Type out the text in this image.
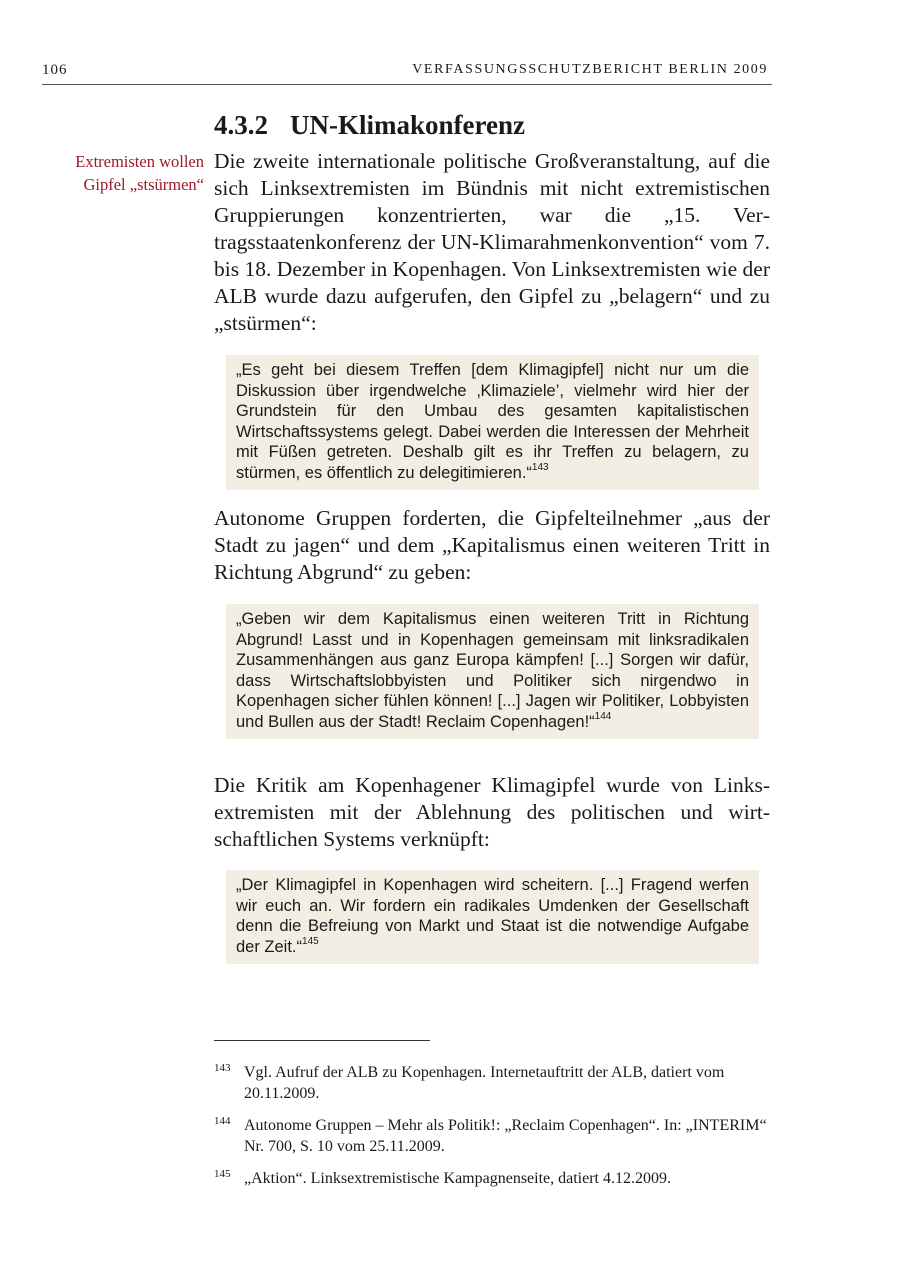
106	VERFASSUNGSSCHUTZBERICHT BERLIN 2009
4.3.2 UN-Klimakonferenz
Extremisten wollen
Gipfel „stsürmen“

Die zweite internationale politische Großveranstaltung, auf die sich Linksextremisten im Bündnis mit nicht extremistischen Gruppierungen konzentrierten, war die „15. Vertragsstaatenkonferenz der UN-Klimarahmenkonvention“ vom 7. bis 18. Dezember in Kopenhagen. Von Linksextremisten wie der ALB wurde dazu aufgerufen, den Gipfel zu „belagern“ und zu „stsürmen“:

„Es geht bei diesem Treffen [dem Klimagipfel] nicht nur um die Diskussion über irgendwelche ‚Klimaziele’, vielmehr wird hier der Grundstein für den Umbau des gesamten kapitalistischen Wirtschaftssystems gelegt. Dabei werden die Interessen der Mehrheit mit Füßen getreten. Deshalb gilt es ihr Treffen zu belagern, zu stürmen, es öffentlich zu delegitimieren.“$^{143}$

Autonome Gruppen forderten, die Gipfelteilnehmer „aus der Stadt zu jagen“ und dem „Kapitalismus einen weiteren Tritt in Richtung Abgrund“ zu geben:

„Geben wir dem Kapitalismus einen weiteren Tritt in Richtung Abgrund! Lasst und in Kopenhagen gemeinsam mit linksradikalen Zusammenhängen aus ganz Europa kämpfen! [...] Sorgen wir dafür, dass Wirtschaftslobbyisten und Politiker sich nirgendwo in Kopenhagen sicher fühlen können! [...] Jagen wir Politiker, Lobbyisten und Bullen aus der Stadt! Reclaim Copenhagen!“$^{144}$

Die Kritik am Kopenhagener Klimagipfel wurde von Linksextremisten mit der Ablehnung des politischen und wirtschaftlichen Systems verknüpft:

„Der Klimagipfel in Kopenhagen wird scheitern. [...] Fragend werfen wir euch an. Wir fordern ein radikales Umdenken der Gesellschaft denn die Befreiung von Markt und Staat ist die notwendige Aufgabe der Zeit.“$^{145}$
143 Vgl. Aufruf der ALB zu Kopenhagen. Internetauftritt der ALB, datiert vom 20.11.2009.
144 Autonome Gruppen – Mehr als Politik!: „Reclaim Copenhagen“. In: „INTERIM“ Nr. 700, S. 10 vom 25.11.2009.
145 „Aktion“. Linksextremistische Kampagnenseite, datiert 4.12.2009.
